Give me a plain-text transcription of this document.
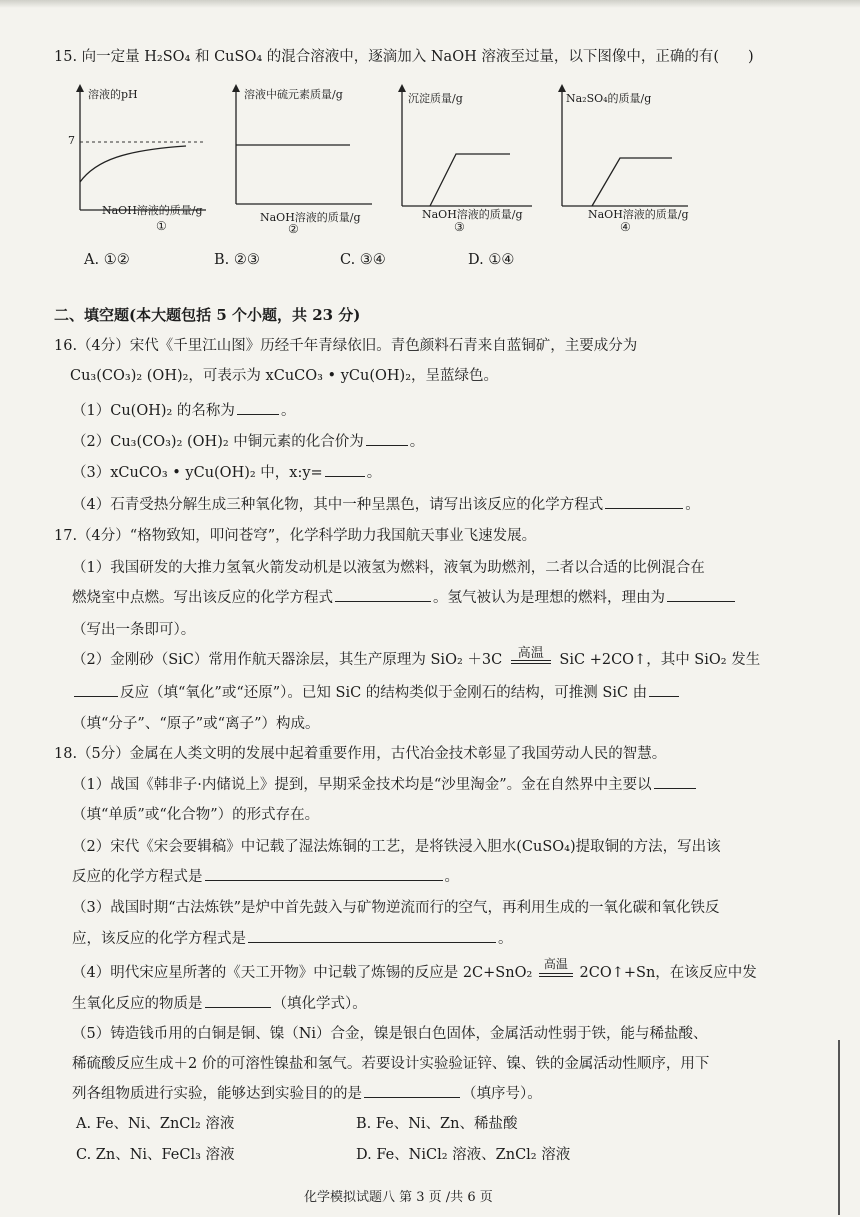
15. 向一定量 H₂SO₄ 和 CuSO₄ 的混合溶液中，逐滴加入 NaOH 溶液至过量，以下图像中，正确的有(　　)
溶液的pH
7
NaOH溶液的质量/g
①
溶液中硫元素质量/g
NaOH溶液的质量/g
②
沉淀质量/g
NaOH溶液的质量/g
③
Na₂SO₄的质量/g
NaOH溶液的质量/g
④
A. ①②	B. ②③	C. ③④	D. ①④
二、填空题(本大题包括 5 个小题，共 23 分)
16.（4分）宋代《千里江山图》历经千年青绿依旧。青色颜料石青来自蓝铜矿，主要成分为
Cu₃(CO₃)₂ (OH)₂，可表示为 xCuCO₃ • yCu(OH)₂，呈蓝绿色。
（1）Cu(OH)₂ 的名称为	。
（2）Cu₃(CO₃)₂ (OH)₂ 中铜元素的化合价为	。
（3）xCuCO₃ • yCu(OH)₂ 中，x:y=	。
（4）石青受热分解生成三种氧化物，其中一种呈黑色，请写出该反应的化学方程式	。
17.（4分）“格物致知，叩问苍穹”，化学科学助力我国航天事业飞速发展。
（1）我国研发的大推力氢氧火箭发动机是以液氢为燃料，液氧为助燃剂，二者以合适的比例混合在
燃烧室中点燃。写出该反应的化学方程式	。氢气被认为是理想的燃料，理由为
（写出一条即可）。
（2）金刚砂（SiC）常用作航天器涂层，其生产原理为 SiO₂ ＋3C	高温	SiC +2CO↑，其中 SiO₂ 发生
反应（填“氧化”或“还原”）。已知 SiC 的结构类似于金刚石的结构，可推测 SiC 由
（填“分子”、“原子”或“离子”）构成。
18.（5分）金属在人类文明的发展中起着重要作用，古代冶金技术彰显了我国劳动人民的智慧。
（1）战国《韩非子·内储说上》提到，早期采金技术均是“沙里淘金”。金在自然界中主要以
（填“单质”或“化合物”）的形式存在。
（2）宋代《宋会要辑稿》中记载了湿法炼铜的工艺，是将铁浸入胆水(CuSO₄)提取铜的方法，写出该
反应的化学方程式是	。
（3）战国时期“古法炼铁”是炉中首先鼓入与矿物逆流而行的空气，再利用生成的一氧化碳和氧化铁反
应，该反应的化学方程式是	。
（4）明代宋应星所著的《天工开物》中记载了炼锡的反应是 2C+SnO₂
高温
2CO↑+Sn，在该反应中发
生氧化反应的物质是	（填化学式）。
（5）铸造钱币用的白铜是铜、镍（Ni）合金，镍是银白色固体，金属活动性弱于铁，能与稀盐酸、
稀硫酸反应生成＋2 价的可溶性镍盐和氢气。若要设计实验验证锌、镍、铁的金属活动性顺序，用下
列各组物质进行实验，能够达到实验目的的是	（填序号）。
A. Fe、Ni、ZnCl₂ 溶液	B. Fe、Ni、Zn、稀盐酸
C. Zn、Ni、FeCl₃ 溶液	D. Fe、NiCl₂ 溶液、ZnCl₂ 溶液
化学模拟试题八 第 3 页 /共 6 页
